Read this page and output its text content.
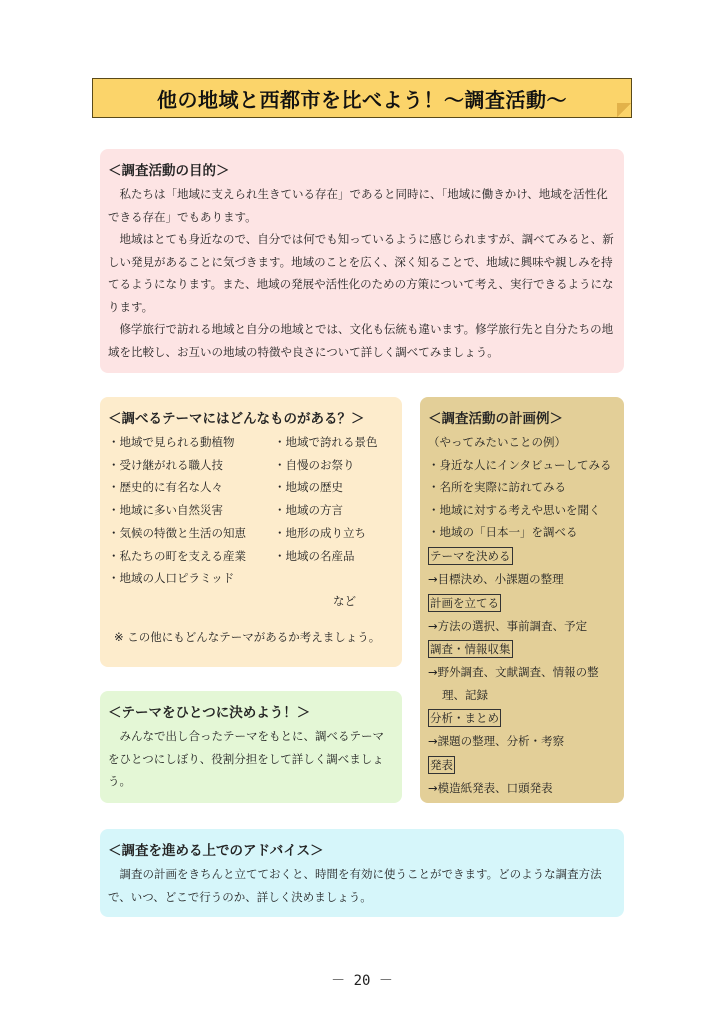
他の地域と西都市を比べよう！〜調査活動〜
＜調査活動の目的＞

私たちは「地域に支えられ生きている存在」であると同時に、「地域に働きかけ、地域を活性化できる存在」でもあります。

地域はとても身近なので、自分では何でも知っているように感じられますが、調べてみると、新しい発見があることに気づきます。地域のことを広く、深く知ることで、地域に興味や親しみを持てるようになります。また、地域の発展や活性化のための方策について考え、実行できるようになります。

修学旅行で訪れる地域と自分の地域とでは、文化も伝統も違います。修学旅行先と自分たちの地域を比較し、お互いの地域の特徴や良さについて詳しく調べてみましょう。

＜調べるテーマにはどんなものがある？＞
・地域で見られる動植物	・地域で誇れる景色
・受け継がれる職人技	・自慢のお祭り
・歴史的に有名な人々	・地域の歴史
・地域に多い自然災害	・地域の方言
・気候の特徴と生活の知恵	・地形の成り立ち
・私たちの町を支える産業	・地域の名産品
・地域の人口ピラミッド
など
※ この他にもどんなテーマがあるか考えましょう。
＜調査活動の計画例＞
（やってみたいことの例）
・身近な人にインタビューしてみる
・名所を実際に訪れてみる
・地域に対する考えや思いを聞く
・地域の「日本一」を調べる
テーマを決める
→目標決め、小課題の整理
計画を立てる
→方法の選択、事前調査、予定
調査・情報収集
→野外調査、文献調査、情報の整
理、記録
分析・まとめ
→課題の整理、分析・考察
発表
→模造紙発表、口頭発表
＜テーマをひとつに決めよう！＞

みんなで出し合ったテーマをもとに、調べるテーマをひとつにしぼり、役割分担をして詳しく調べましょう。

＜調査を進める上でのアドバイス＞

調査の計画をきちんと立てておくと、時間を有効に使うことができます。どのような調査方法で、いつ、どこで行うのか、詳しく決めましょう。

－ 20 －
